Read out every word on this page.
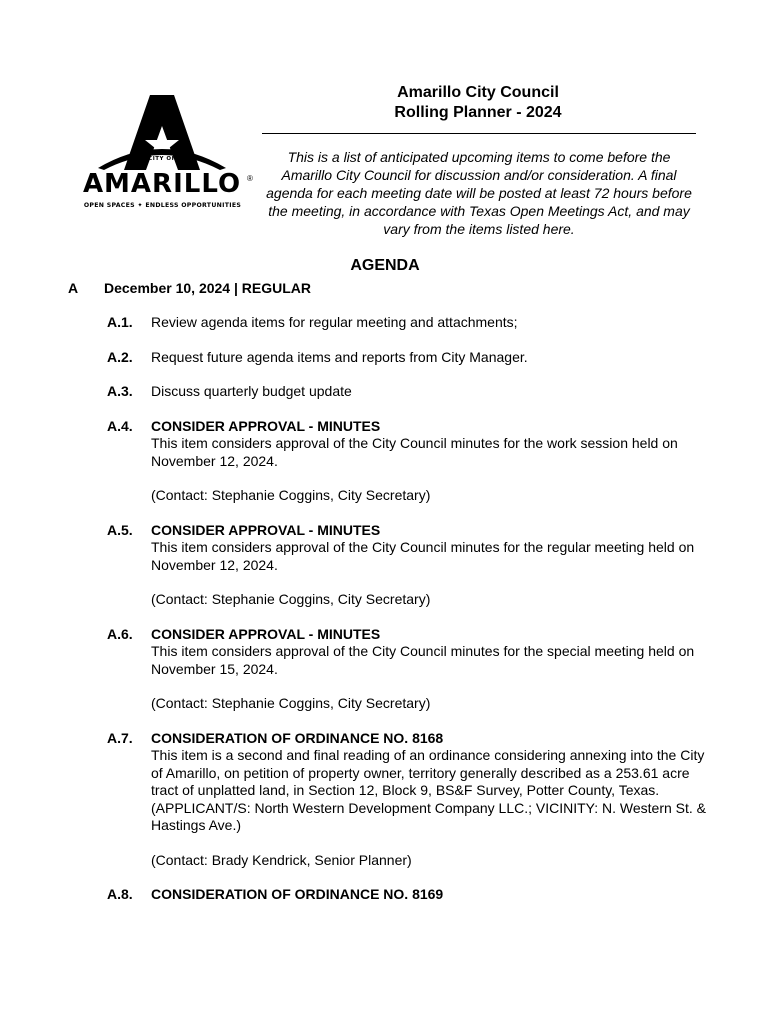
CITY OF
AMARILLO ®
OPEN SPACES ✦ ENDLESS OPPORTUNITIES
Amarillo City Council
Rolling Planner - 2024
This is a list of anticipated upcoming items to come before the Amarillo City Council for discussion and/or consideration. A final agenda for each meeting date will be posted at least 72 hours before the meeting, in accordance with Texas Open Meetings Act, and may vary from the items listed here.
AGENDA
A December 10, 2024 | REGULAR
A.1.	Review agenda items for regular meeting and attachments;
A.2.	Request future agenda items and reports from City Manager.
A.3.	Discuss quarterly budget update
A.4.	CONSIDER APPROVAL - MINUTES
This item considers approval of the City Council minutes for the work session held on November 12, 2024.
(Contact: Stephanie Coggins, City Secretary)
A.5.	CONSIDER APPROVAL - MINUTES
This item considers approval of the City Council minutes for the regular meeting held on November 12, 2024.
(Contact: Stephanie Coggins, City Secretary)
A.6.	CONSIDER APPROVAL - MINUTES
This item considers approval of the City Council minutes for the special meeting held on November 15, 2024.
(Contact: Stephanie Coggins, City Secretary)
A.7.	CONSIDERATION OF ORDINANCE NO. 8168
This item is a second and final reading of an ordinance considering annexing into the City of Amarillo, on petition of property owner, territory generally described as a 253.61 acre tract of unplatted land, in Section 12, Block 9, BS&F Survey, Potter County, Texas. (APPLICANT/S: North Western Development Company LLC.; VICINITY: N. Western St. & Hastings Ave.)
(Contact: Brady Kendrick, Senior Planner)
A.8.	CONSIDERATION OF ORDINANCE NO. 8169
